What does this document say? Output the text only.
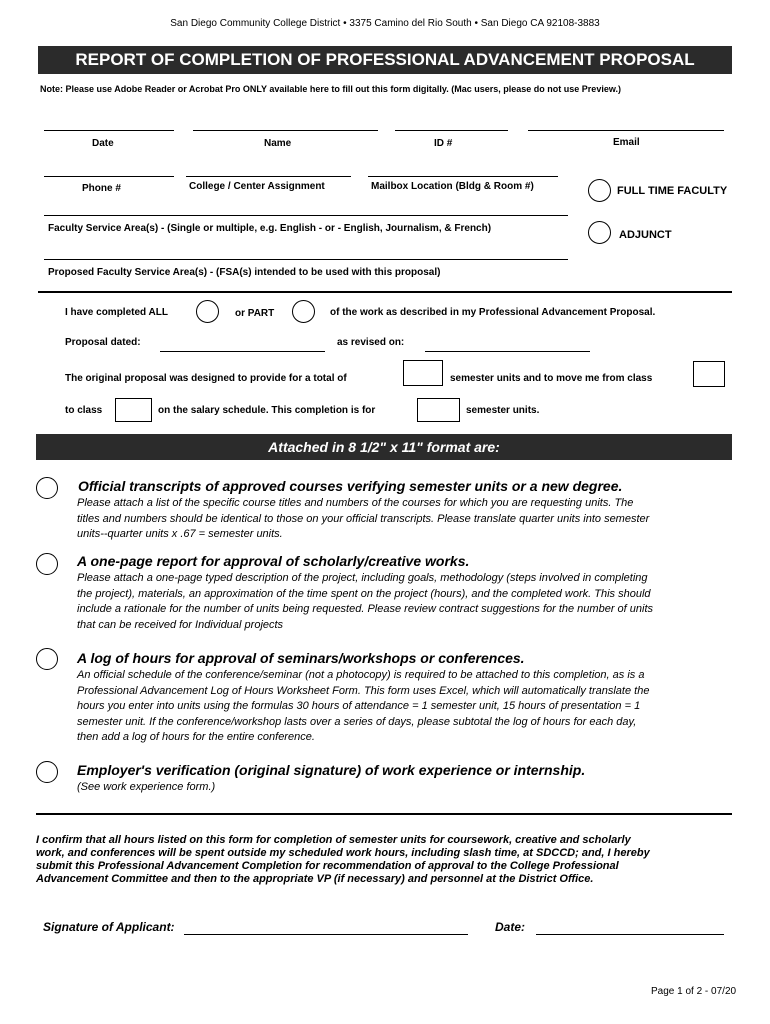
San Diego Community College District • 3375 Camino del Rio South • San Diego CA 92108-3883
REPORT OF COMPLETION OF PROFESSIONAL ADVANCEMENT PROPOSAL
Note: Please use Adobe Reader or Acrobat Pro ONLY available here to fill out this form digitally. (Mac users, please do not use Preview.)
Date	Name	ID #	Email
Phone #	College / Center Assignment	Mailbox Location (Bldg & Room #)	FULL TIME FACULTY
Faculty Service Area(s) - (Single or multiple, e.g. English - or - English, Journalism, & French)
ADJUNCT
Proposed Faculty Service Area(s) - (FSA(s) intended to be used with this proposal)
I have completed ALL	or PART	of the work as described in my Professional Advancement Proposal.
Proposal dated:	as revised on:
The original proposal was designed to provide for a total of	semester units and to move me from class
to class	on the salary schedule. This completion is for	semester units.
Attached in 8 1/2" x 11" format are:
Official transcripts of approved courses verifying semester units or a new degree.
Please attach a list of the specific course titles and numbers of the courses for which you are requesting units. The
titles and numbers should be identical to those on your official transcripts. Please translate quarter units into semester
units--quarter units x .67 = semester units.
A one-page report for approval of scholarly/creative works.
Please attach a one-page typed description of the project, including goals, methodology (steps involved in completing
the project), materials, an approximation of the time spent on the project (hours), and the completed work. This should
include a rationale for the number of units being requested. Please review contract suggestions for the number of units
that can be received for Individual projects
A log of hours for approval of seminars/workshops or conferences.
An official schedule of the conference/seminar (not a photocopy) is required to be attached to this completion, as is a
Professional Advancement Log of Hours Worksheet Form. This form uses Excel, which will automatically translate the
hours you enter into units using the formulas 30 hours of attendance = 1 semester unit, 15 hours of presentation = 1
semester unit. If the conference/workshop lasts over a series of days, please subtotal the log of hours for each day,
then add a log of hours for the entire conference.
Employer's verification (original signature) of work experience or internship.
(See work experience form.)
I confirm that all hours listed on this form for completion of semester units for coursework, creative and scholarly
work, and conferences will be spent outside my scheduled work hours, including slash time, at SDCCD; and, I hereby
submit this Professional Advancement Completion for recommendation of approval to the College Professional
Advancement Committee and then to the appropriate VP (if necessary) and personnel at the District Office.
Signature of Applicant:	Date:
Page 1 of 2 - 07/20
